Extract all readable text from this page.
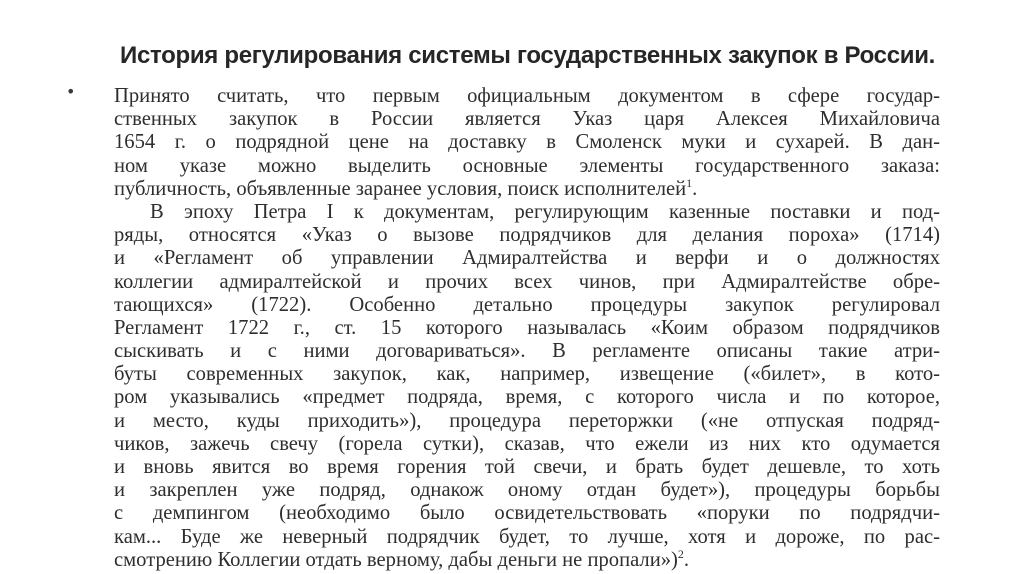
История регулирования системы государственных закупок в России.
• Принято считать, что первым официальным документом в сфере государ-
ственных закупок в России является Указ царя Алексея Михайловича
1654 г. о подрядной цене на доставку в Смоленск муки и сухарей. В дан-
ном указе можно выделить основные элементы государственного заказа:
публичность, объявленные заранее условия, поиск исполнителей$^1$.
В эпоху Петра I к документам, регулирующим казенные поставки и под-
ряды, относятся «Указ о вызове подрядчиков для делания пороха» (1714)
и «Регламент об управлении Адмиралтейства и верфи и о должностях
коллегии адмиралтейской и прочих всех чинов, при Адмиралтействе обре-
тающихся» (1722). Особенно детально процедуры закупок регулировал
Регламент 1722 г., ст. 15 которого называлась «Коим образом подрядчиков
сыскивать и с ними договариваться». В регламенте описаны такие атри-
буты современных закупок, как, например, извещение («билет», в кото-
ром указывались «предмет подряда, время, с которого числа и по которое,
и место, куды приходить»), процедура переторжки («не отпуская подряд-
чиков, зажечь свечу (горела сутки), сказав, что ежели из них кто одумается
и вновь явится во время горения той свечи, и брать будет дешевле, то хоть
и закреплен уже подряд, однакож оному отдан будет»), процедуры борьбы
с демпингом (необходимо было освидетельствовать «поруки по подрядчи-
кам... Буде же неверный подрядчик будет, то лучше, хотя и дороже, по рас-
смотрению Коллегии отдать верному, дабы деньги не пропали»)$^2$.
